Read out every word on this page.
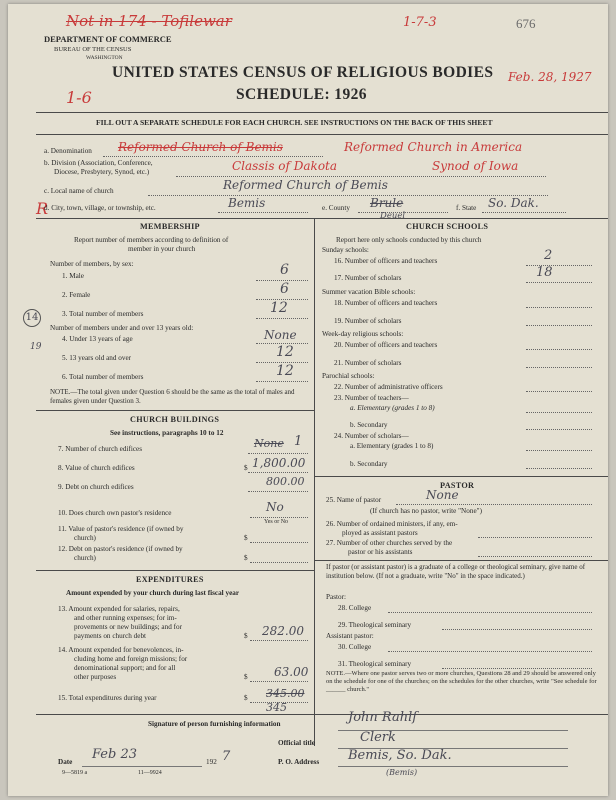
Not in 174 - Tofilewar	1-7-3	676
1-6
Feb. 28, 1927
R
14
19
DEPARTMENT OF COMMERCE
BUREAU OF THE CENSUS
WASHINGTON
UNITED STATES CENSUS OF RELIGIOUS BODIES
SCHEDULE: 1926
FILL OUT A SEPARATE SCHEDULE FOR EACH CHURCH. SEE INSTRUCTIONS ON THE BACK OF THIS SHEET
a. Denomination Reformed Church of Bemis	Reformed Church in America
b. Division (Association, Conference,
Diocese, Presbytery, Synod, etc.)	Classis of Dakota	Synod of Iowa
c. Local name of church	Reformed Church of Bemis
d. City, town, village, or township, etc.	Bemis	e. County Brule
Deuel
f. State So. Dak.
MEMBERSHIP
Report number of members according to definition of
member in your church
Number of members, by sex:
1. Male	6
2. Female	6
3. Total number of members	12
Number of members under and over 13 years old:
4. Under 13 years of age	None
5. 13 years old and over	12
6. Total number of members	12
NOTE.—The total given under Question 6 should be the same as the total of males and females given under Question 3.
CHURCH BUILDINGS
See instructions, paragraphs 10 to 12
7. Number of church edifices	None 1
8. Value of church edifices	$ 1,800.00
9. Debt on church edifices	800.00
10. Does church own pastor's residence	No
Yes or No
11. Value of pastor's residence (if owned by
church)	$
12. Debt on pastor's residence (if owned by
church)	$
EXPENDITURES
Amount expended by your church during last fiscal year
13. Amount expended for salaries, repairs,
and other running expenses; for im-
provements or new buildings; and for
payments on church debt	$ 282.00
14. Amount expended for benevolences, in-
cluding home and foreign missions; for
denominational support; and for all
other purposes	$ 63.00
15. Total expenditures during year	$ 345.00
345
CHURCH SCHOOLS
Report here only schools conducted by this church
Sunday schools:
16. Number of officers and teachers	2
17. Number of scholars	18
Summer vacation Bible schools:
18. Number of officers and teachers
19. Number of scholars
Week-day religious schools:
20. Number of officers and teachers
21. Number of scholars
Parochial schools:
22. Number of administrative officers
23. Number of teachers—
a. Elementary (grades 1 to 8)
b. Secondary
24. Number of scholars—
a. Elementary (grades 1 to 8)
b. Secondary
PASTOR
25. Name of pastor	None
(If church has no pastor, write "None")
26. Number of ordained ministers, if any, em-
ployed as assistant pastors
27. Number of other churches served by the
pastor or his assistants
If pastor (or assistant pastor) is a graduate of a college or theological seminary, give name of institution below. (If not a graduate, write "No" in the space indicated.)
Pastor:
28. College
29. Theological seminary
Assistant pastor:
30. College
31. Theological seminary
NOTE.—Where one pastor serves two or more churches, Questions 28 and 29 should be answered only on the schedule for one of the churches; on the schedules for the other churches, write "See schedule for ______ church."
Signature of person furnishing information	John Rahlf
Official title	Clerk
Date Feb 23	192 7	P. O. Address Bemis, So. Dak.
(Bemis)
9—5819 a	11—9924
